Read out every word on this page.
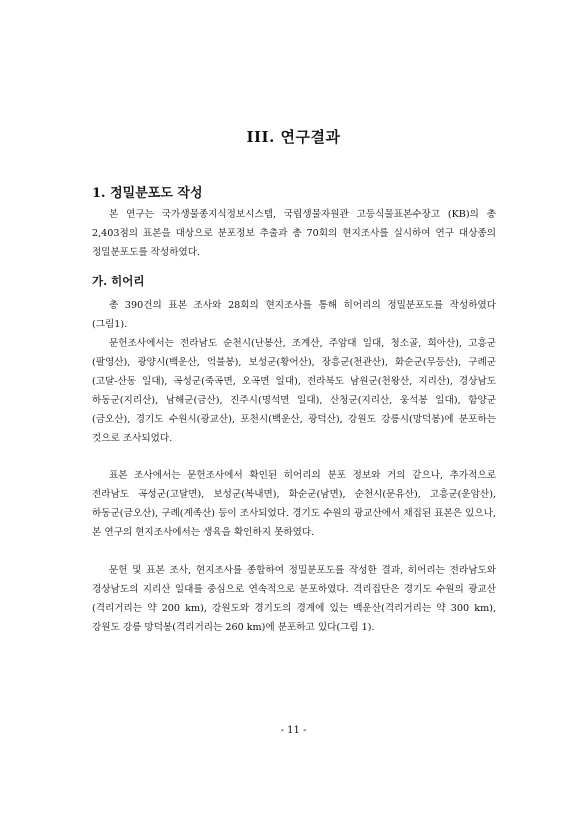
III. 연구결과
1. 정밀분포도 작성

본 연구는 국가생물종지식정보시스템, 국립생물자원관 고등식물표본수장고 (KB)의 총 2,403점의 표본을 대상으로 분포정보 추출과 총 70회의 현지조사를 실시하여 연구 대상종의 정밀분포도를 작성하였다.

가. 히어리

총 390건의 표본 조사와 28회의 현지조사를 통해 히어리의 정밀분포도를 작성하였다(그림1).

문헌조사에서는 전라남도 순천시(난봉산, 조계산, 주암대 일대, 청소골, 희아산), 고흥군(팔영산), 광양시(백운산, 억불봉), 보성군(황어산), 장흥군(천관산), 화순군(무등산), 구례군(고달-산동 일대), 곡성군(죽곡면, 오곡면 일대), 전라북도 남원군(천왕산, 지리산), 경상남도 하동군(지리산), 남해군(금산), 진주시(명석면 일대), 산청군(지리산, 웅석봉 일대), 함양군(금오산), 경기도 수원시(광교산), 포천시(백운산, 광덕산), 강원도 강릉시(망덕봉)에 분포하는 것으로 조사되었다.

표본 조사에서는 문헌조사에서 확인된 히어리의 분포 정보와 거의 같으나, 추가적으로 전라남도 곡성군(고달면), 보성군(복내면), 화순군(남면), 순천시(문유산), 고흥군(운암산), 하동군(금오산), 구례(계족산) 등이 조사되었다. 경기도 수원의 광교산에서 채집된 표본은 있으나, 본 연구의 현지조사에서는 생육을 확인하지 못하였다.

문헌 및 표본 조사, 현지조사를 종합하여 정밀분포도를 작성한 결과, 히어리는 전라남도와 경상남도의 지리산 일대를 중심으로 연속적으로 분포하였다. 격리집단은 경기도 수원의 광교산(격리거리는 약 200 km), 강원도와 경기도의 경계에 있는 백운산(격리거리는 약 300 km), 강원도 강릉 망덕봉(격리거리는 260 km)에 분포하고 있다(그림 1).

- 11 -
